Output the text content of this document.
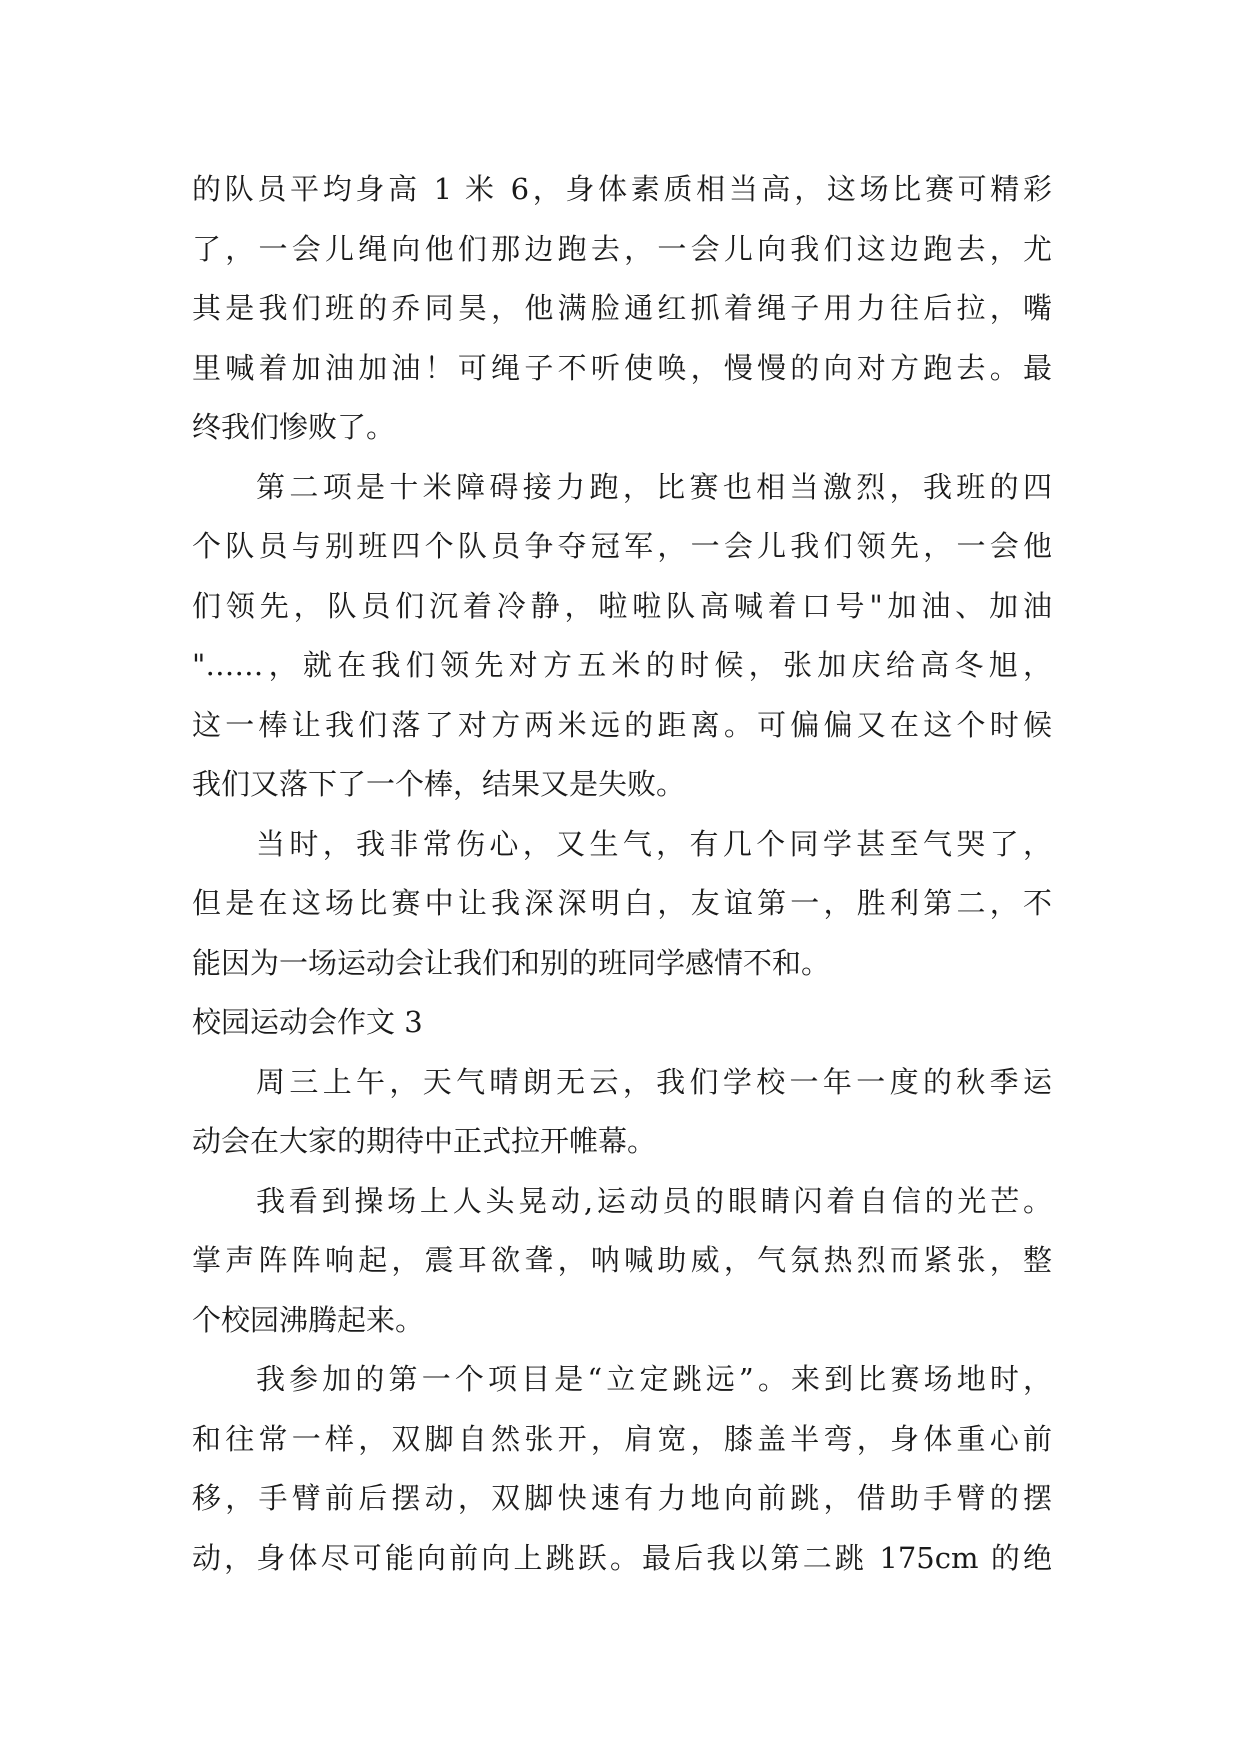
的队员平均身高 1 米 6，身体素质相当高，这场比赛可精彩
了，一会儿绳向他们那边跑去，一会儿向我们这边跑去，尤
其是我们班的乔同昊，他满脸通红抓着绳子用力往后拉，嘴
里喊着加油加油！可绳子不听使唤，慢慢的向对方跑去。最
终我们惨败了。
第二项是十米障碍接力跑，比赛也相当激烈，我班的四
个队员与别班四个队员争夺冠军，一会儿我们领先，一会他
们领先，队员们沉着冷静，啦啦队高喊着口号"加油、加油
"……，就在我们领先对方五米的时候，张加庆给高冬旭，
这一棒让我们落了对方两米远的距离。可偏偏又在这个时候
我们又落下了一个棒，结果又是失败。
当时，我非常伤心，又生气，有几个同学甚至气哭了，
但是在这场比赛中让我深深明白，友谊第一，胜利第二，不
能因为一场运动会让我们和别的班同学感情不和。
校园运动会作文 3
周三上午，天气晴朗无云，我们学校一年一度的秋季运
动会在大家的期待中正式拉开帷幕。
我看到操场上人头晃动,运动员的眼睛闪着自信的光芒。
掌声阵阵响起，震耳欲聋，呐喊助威，气氛热烈而紧张，整
个校园沸腾起来。
我参加的第一个项目是“立定跳远”。来到比赛场地时，
和往常一样，双脚自然张开，肩宽，膝盖半弯，身体重心前
移，手臂前后摆动，双脚快速有力地向前跳，借助手臂的摆
动，身体尽可能向前向上跳跃。最后我以第二跳 175cm 的绝
